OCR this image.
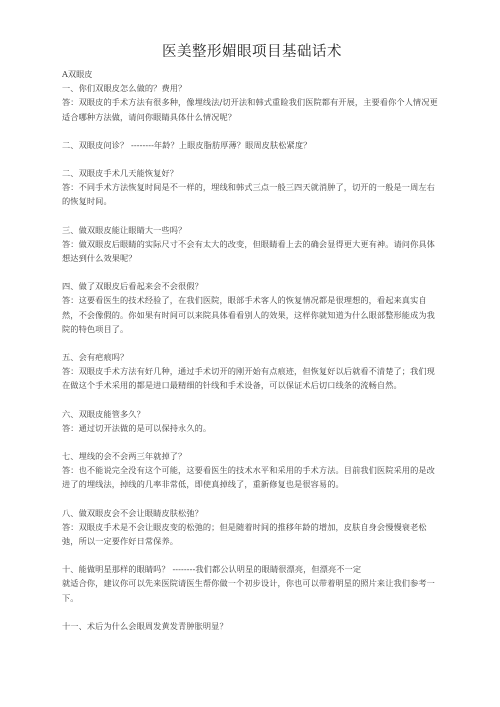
医美整形媚眼项目基础话术

A双眼皮

一、你们双眼皮怎么做的？费用？

答：双眼皮的手术方法有很多种，像埋线法/切开法和韩式重睑我们医院都有开展，主要看你个人情况更适合哪种方法做，请问你眼睛具体什么情况呢？

二、双眼皮问诊？ --------年龄？上眼皮脂肪厚薄？眼周皮肤松紧度？

二、双眼皮手术几天能恢复好？

答：不同手术方法恢复时间是不一样的，埋线和韩式三点一般三四天就消肿了，切开的一般是一周左右的恢复时间。

三、做双眼皮能让眼睛大一些吗？

答：做双眼皮后眼睛的实际尺寸不会有太大的改变，但眼睛看上去的确会显得更大更有神。请问你具体想达到什么效果呢？

四、做了双眼皮后看起来会不会很假？

答：这要看医生的技术经验了，在我们医院，眼部手术客人的恢复情况都是很理想的，看起来真实自然，不会像假的。你如果有时间可以来院具体看看别人的效果，这样你就知道为什么眼部整形能成为我院的特色项目了。

五、会有疤痕吗？

答：双眼皮手术方法有好几种，通过手术切开的刚开始有点痕迹，但恢复好以后就看不清楚了；我们现在做这个手术采用的都是进口最精细的针线和手术设备，可以保证术后切口线条的流畅自然。

六、双眼皮能管多久？

答：通过切开法做的是可以保持永久的。

七、埋线的会不会两三年就掉了？

答：也不能说完全没有这个可能，这要看医生的技术水平和采用的手术方法。目前我们医院采用的是改进了的埋线法，掉线的几率非常低，即使真掉线了，重新修复也是很容易的。

八、做双眼皮会不会让眼睛皮肤松弛？

答：双眼皮手术是不会让眼皮变的松弛的；但是随着时间的推移年龄的增加，皮肤自身会慢慢衰老松弛，所以一定要作好日常保养。

十、能做明星那样的眼睛吗？ --------我们都公认明星的眼睛很漂亮，但漂亮不一定

就适合你，建议你可以先来医院请医生帮你做一个初步设计，你也可以带着明星的照片来让我们参考一下。

十一、术后为什么会眼周发黄发青肿胀明显？
